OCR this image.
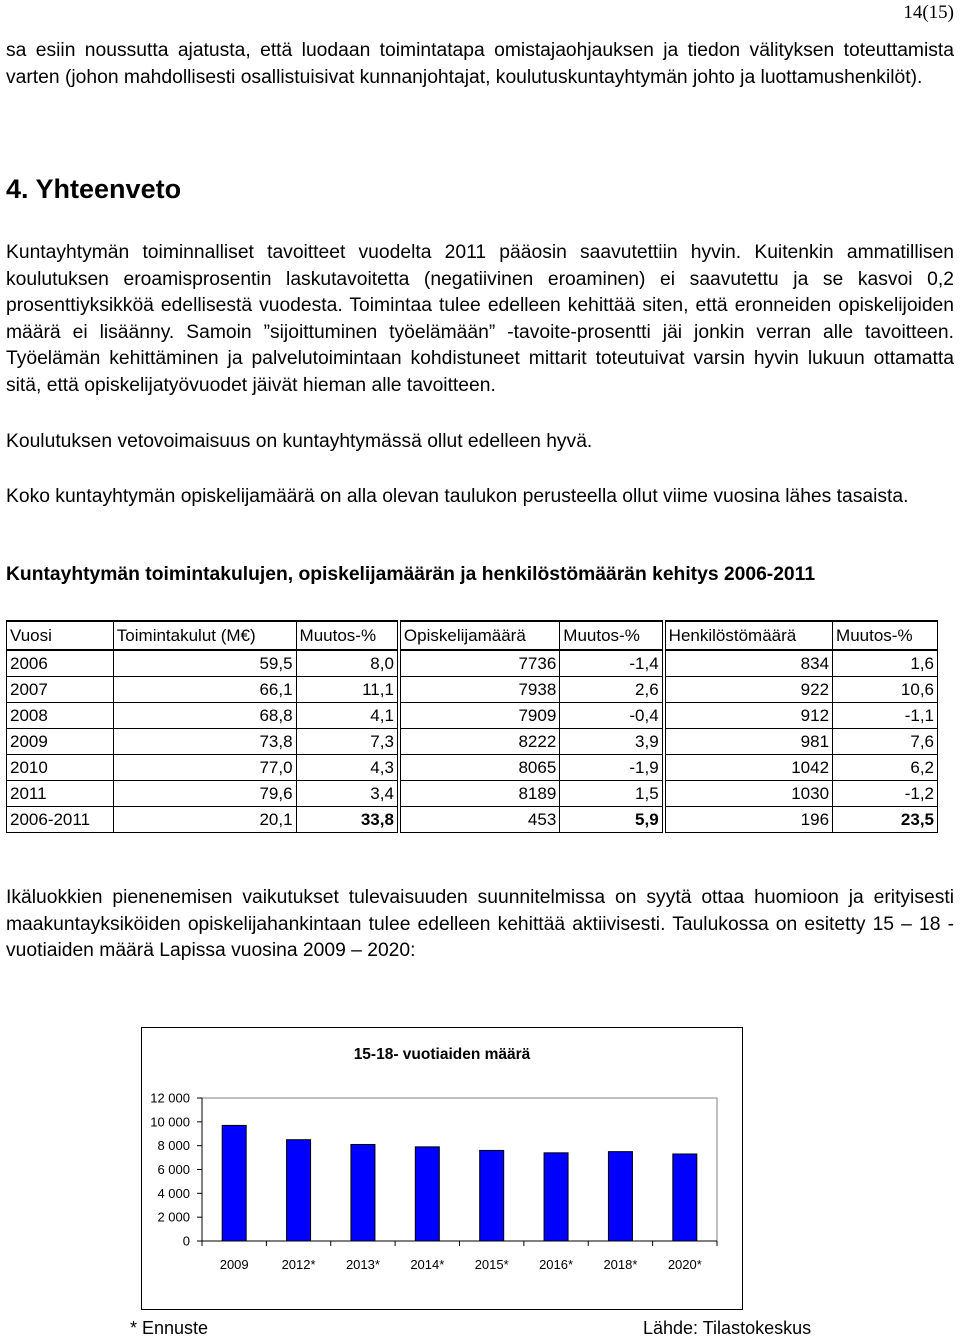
14(15)

sa esiin noussutta ajatusta, että luodaan toimintatapa omistajaohjauksen ja tiedon välityksen toteuttamista varten (johon mahdollisesti osallistuisivat kunnanjohtajat, koulutuskuntayhtymän johto ja luottamushenkilöt).

4. Yhteenveto

Kuntayhtymän toiminnalliset tavoitteet vuodelta 2011 pääosin saavutettiin hyvin. Kuitenkin ammatillisen koulutuksen eroamisprosentin laskutavoitetta (negatiivinen eroaminen) ei saavutettu ja se kasvoi 0,2 prosenttiyksikköä edellisestä vuodesta. Toimintaa tulee edelleen kehittää siten, että eronneiden opiskelijoiden määrä ei lisäänny. Samoin ”sijoittuminen työelämään” -tavoite-prosentti jäi jonkin verran alle tavoitteen. Työelämän kehittäminen ja palvelutoimintaan kohdistuneet mittarit toteutuivat varsin hyvin lukuun ottamatta sitä, että opiskelijatyövuodet jäivät hieman alle tavoitteen.

Koulutuksen vetovoimaisuus on kuntayhtymässä ollut edelleen hyvä.

Koko kuntayhtymän opiskelijamäärä on alla olevan taulukon perusteella ollut viime vuosina lähes tasaista.

Kuntayhtymän toimintakulujen, opiskelijamäärän ja henkilöstömäärän kehitys 2006-2011

Vuosi	Toimintakulut (M€)	Muutos-%	Opiskelijamäärä	Muutos-%	Henkilöstömäärä	Muutos-%
2006	59,5	8,0	7736	-1,4	834	1,6
2007	66,1	11,1	7938	2,6	922	10,6
2008	68,8	4,1	7909	-0,4	912	-1,1
2009	73,8	7,3	8222	3,9	981	7,6
2010	77,0	4,3	8065	-1,9	1042	6,2
2011	79,6	3,4	8189	1,5	1030	-1,2
2006-2011	20,1	33,8	453	5,9	196	23,5

Ikäluokkien pienenemisen vaikutukset tulevaisuuden suunnitelmissa on syytä ottaa huomioon ja erityisesti maakuntayksiköiden opiskelijahankintaan tulee edelleen kehittää aktiivisesti. Taulukossa on esitetty 15 – 18 -vuotiaiden määrä Lapissa vuosina 2009 – 2020:

15-18- vuotiaiden määrä
0
2 000
4 000
6 000
8 000
10 000
12 000
2009	2012* 2013* 2014* 2015* 2016* 2018* 2020*
* Ennuste	Lähde: Tilastokeskus
